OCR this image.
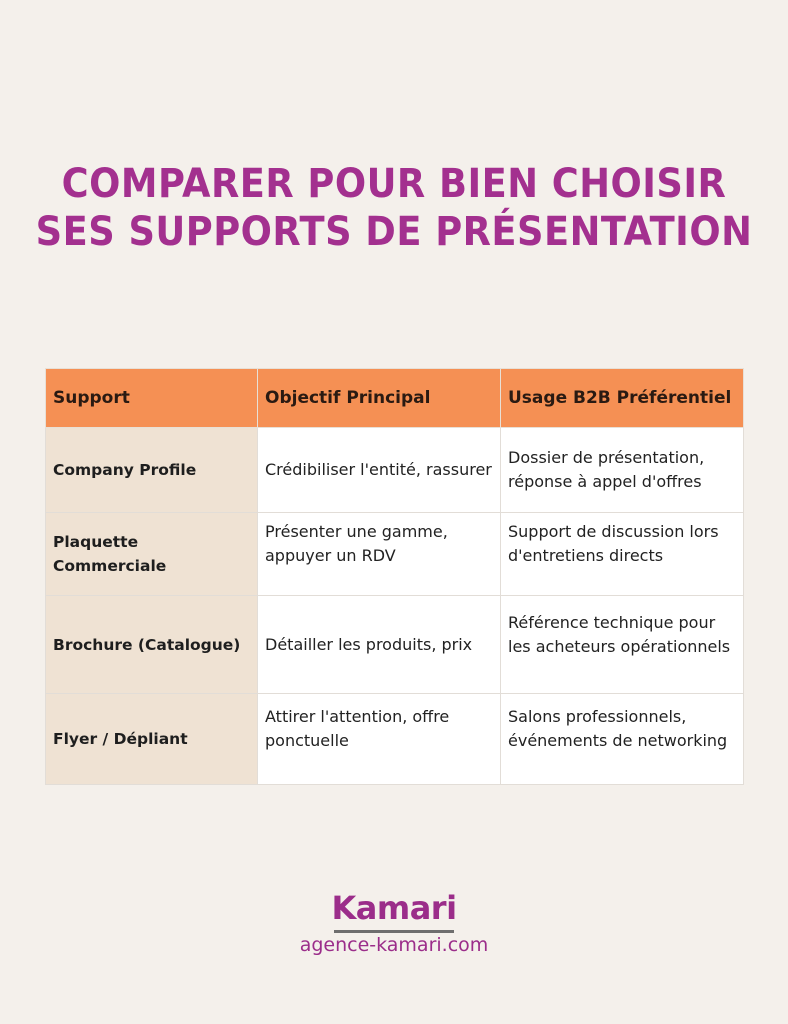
COMPARER POUR BIEN CHOISIR
SES SUPPORTS DE PRÉSENTATION
Support	Objectif Principal	Usage B2B Préférentiel
Company Profile	Crédibiliser l'entité, rassurer	Dossier de présentation, réponse à appel d'offres
Plaquette Commerciale	Présenter une gamme, appuyer un RDV	Support de discussion lors d'entretiens directs

Brochure (Catalogue)	Détailler les produits, prix	Référence technique pour les acheteurs opérationnels

Flyer / Dépliant	Attirer l'attention, offre ponctuelle	Salons professionnels, événements de networking
Kamari
agence-kamari.com
